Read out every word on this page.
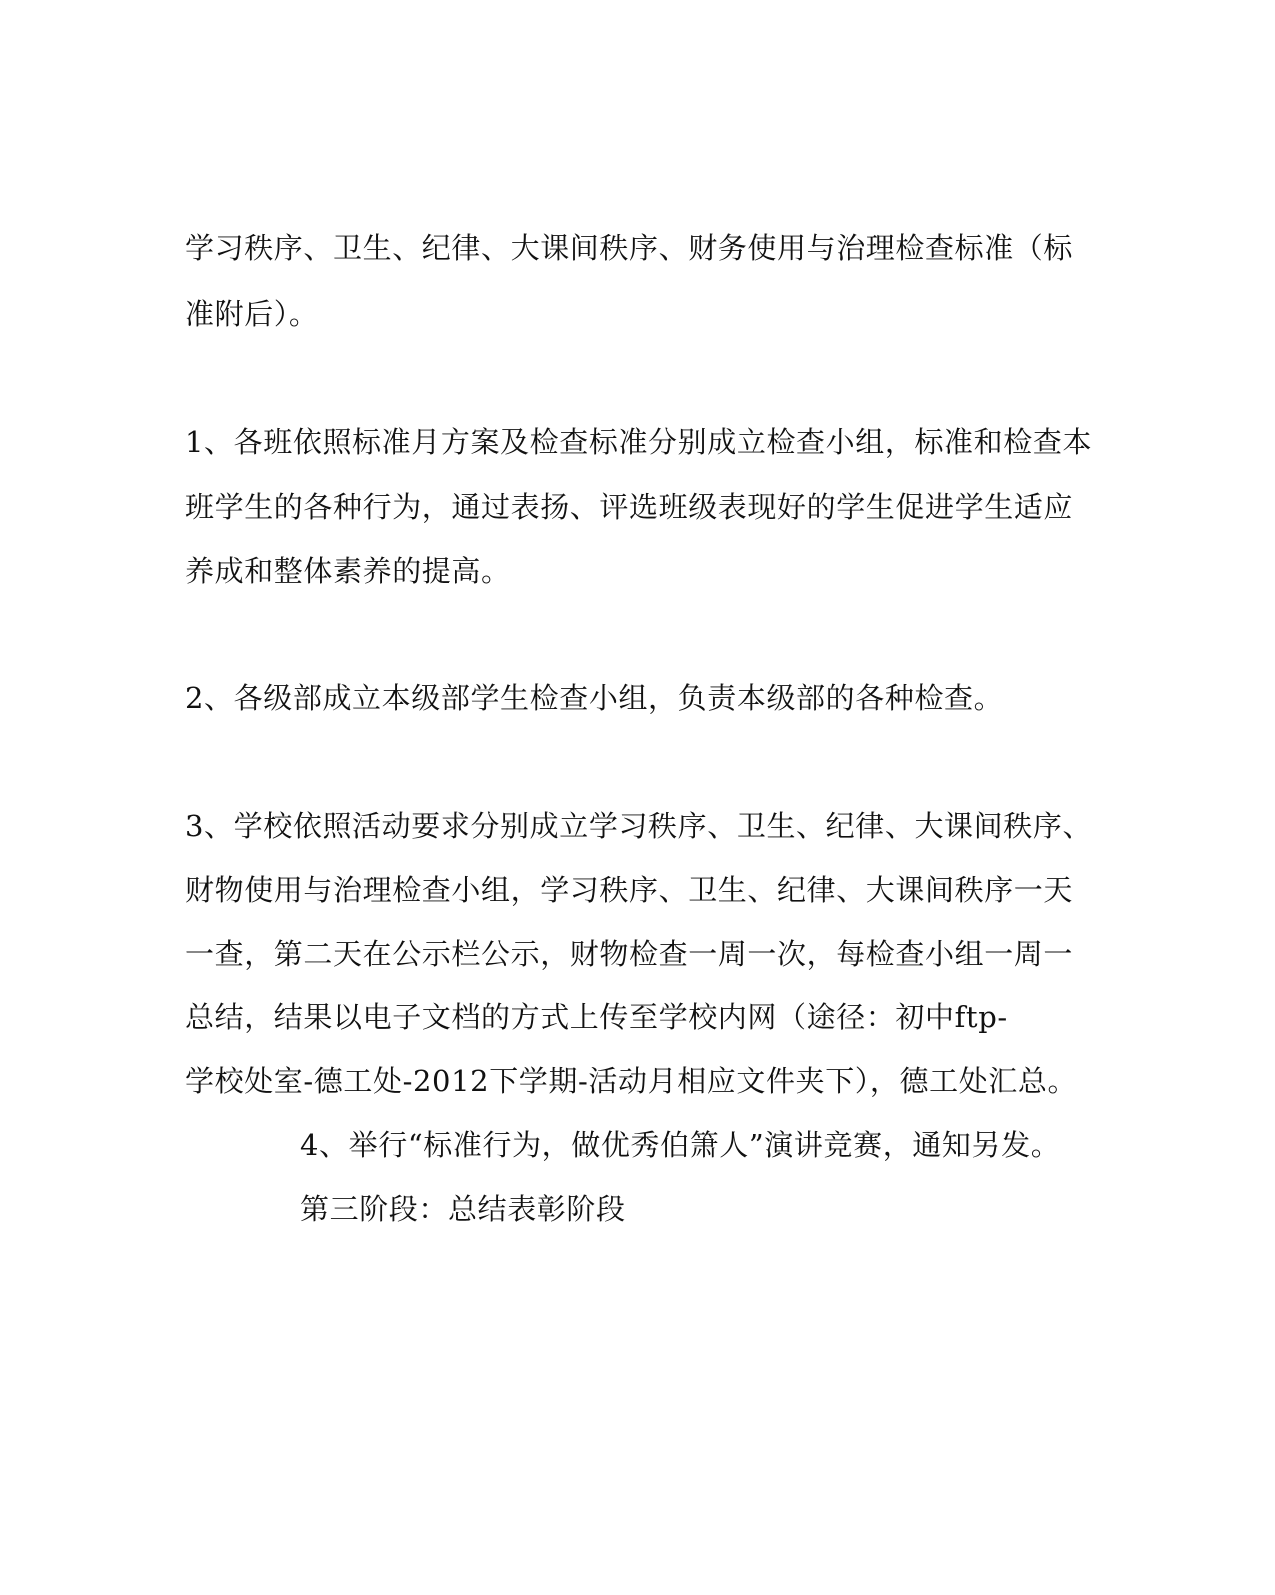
学习秩序、卫生、纪律、大课间秩序、财务使用与治理检查标准（标
准附后）。
1、各班依照标准月方案及检查标准分别成立检查小组，标准和检查本
班学生的各种行为，通过表扬、评选班级表现好的学生促进学生适应
养成和整体素养的提高。
2、各级部成立本级部学生检查小组，负责本级部的各种检查。
3、学校依照活动要求分别成立学习秩序、卫生、纪律、大课间秩序、
财物使用与治理检查小组，学习秩序、卫生、纪律、大课间秩序一天
一查，第二天在公示栏公示，财物检查一周一次，每检查小组一周一
总结，结果以电子文档的方式上传至学校内网（途径：初中ftp-
学校处室-德工处-2012下学期-活动月相应文件夹下），德工处汇总。
4、举行“标准行为，做优秀伯箫人”演讲竞赛，通知另发。
第三阶段：总结表彰阶段
